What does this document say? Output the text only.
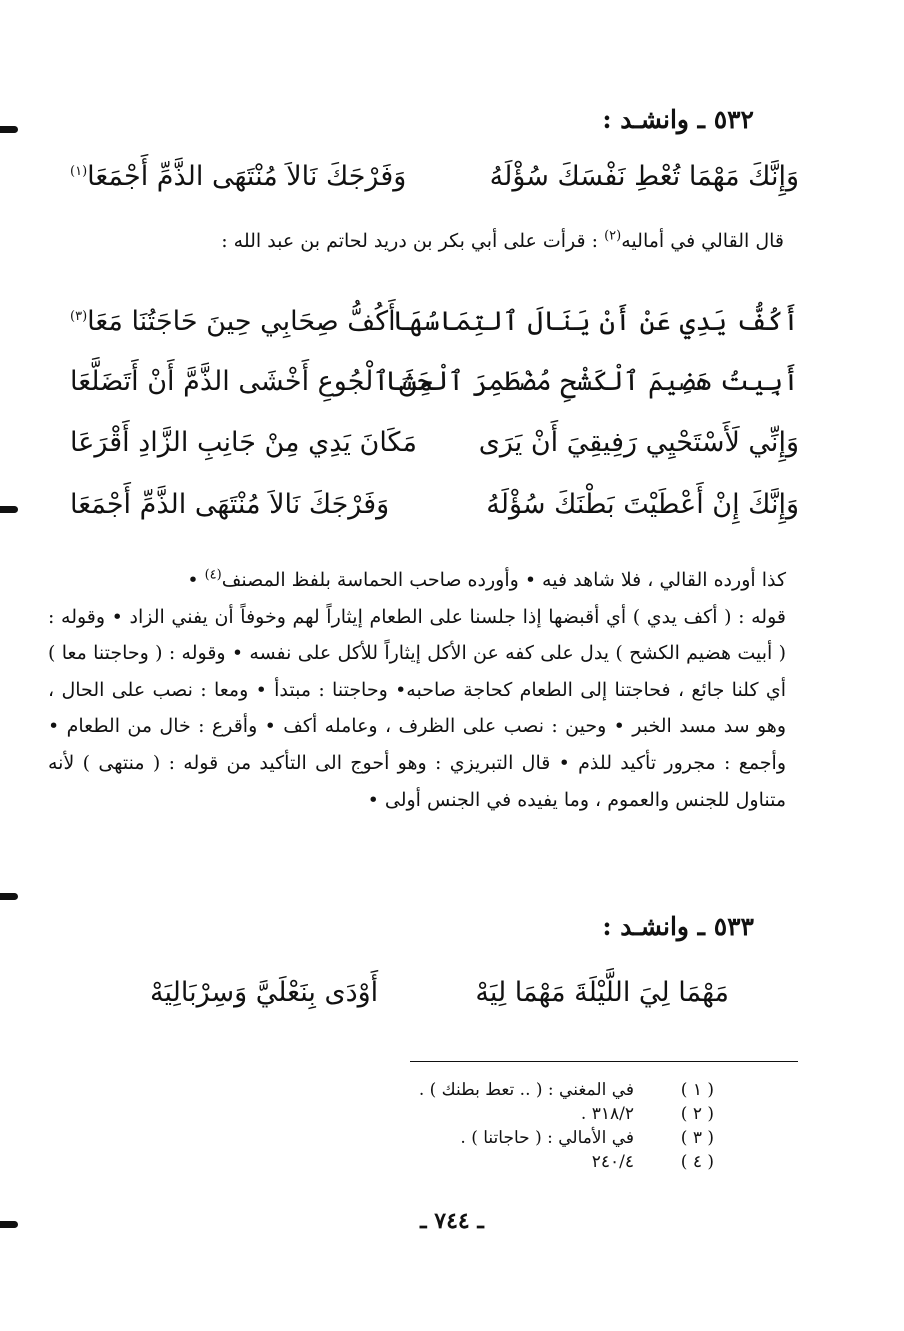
٥٣٢ ـ وانشـد :
وَإِنَّكَ مَهْمَا تُعْطِ نَفْسَكَ سُؤْلَهُ
وَفَرْجَكَ نَالاَ مُنْتَهَى الذَّمِّ أَجْمَعَا$^{(١)}$
قال القالي في أماليه$^{(٢)}$ : قرأت على أبي بكر بن دريد لحاتم بن عبد الله :
أَكُفُّ يَدِي عَنْ أَنْ يَنَالَ ٱلتِمَاسُهَا
أَكُفُّ صِحَابِي حِينَ حَاجَتُنَا مَعَا$^{(٣)}$
أَبِيتُ هَضِيمَ ٱلْكَشْحِ مُضْطَمِرَ ٱلْحَشَا
مِنَ ٱلْجُوعِ أَخْشَى الذَّمَّ أَنْ أَتَضَلَّعَا
وَإِنِّي لَأَسْتَحْيِي رَفِيقِيَ أَنْ يَرَى
مَكَانَ يَدِي مِنْ جَانِبِ الزَّادِ أَقْرَعَا
وَإِنَّكَ إِنْ أَعْطَيْتَ بَطْنَكَ سُؤْلَهُ
وَفَرْجَكَ نَالاَ مُنْتَهَى الذَّمِّ أَجْمَعَا

كذا أورده القالي ، فلا شاهد فيه • وأورده صاحب الحماسة بلفظ المصنف$^{(٤)}$ •

قوله : ( أكف يدي ) أي أقبضها إذا جلسنا على الطعام إيثاراً لهم وخوفاً أن يفني الزاد • وقوله : ( أبيت هضيم الكشح ) يدل على كفه عن الأكل إيثاراً للأكل على نفسه • وقوله : ( وحاجتنا معا ) أي كلنا جائع ، فحاجتنا إلى الطعام كحاجة صاحبه• وحاجتنا : مبتدأ • ومعا : نصب على الحال ، وهو سد مسد الخبر • وحين : نصب على الظرف ، وعامله أكف • وأقرع : خال من الطعام • وأجمع : مجرور تأكيد للذم • قال التبريزي : وهو أحوج الى التأكيد من قوله : ( منتهى ) لأنه متناول للجنس والعموم ، وما يفيده في الجنس أولى •

٥٣٣ ـ وانشـد :
مَهْمَا لِيَ اللَّيْلَةَ مَهْمَا لِيَهْ
أَوْدَى بِنَعْلَيَّ وَسِرْبَالِيَهْ
( ١ )
في المغني : ( .. تعط بطنك ) .
( ٢ )
٣١٨/٢ .
( ٣ )
في الأمالي : ( حاجاتنا ) .
( ٤ )
٢٤٠/٤
ـ ٧٤٤ ـ
